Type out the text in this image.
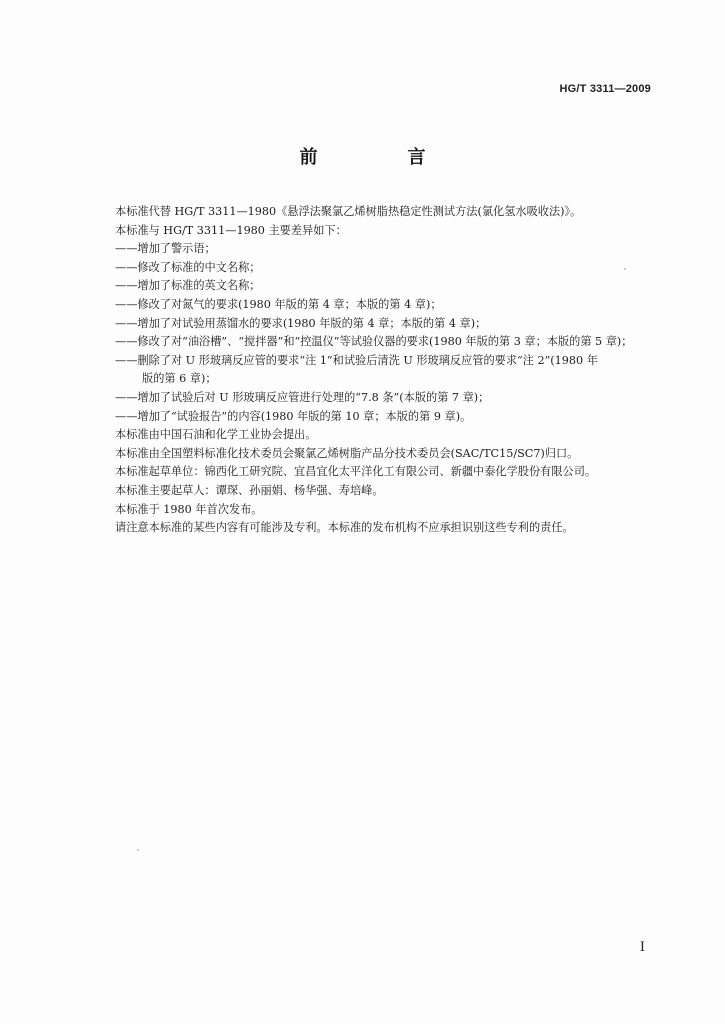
HG/T 3311—2009
前　言
本标准代替 HG/T 3311—1980《悬浮法聚氯乙烯树脂热稳定性测试方法(氯化氢水吸收法)》。
本标准与 HG/T 3311—1980 主要差异如下：
——增加了警示语；
——修改了标准的中文名称；
——增加了标准的英文名称；
——修改了对氮气的要求(1980 年版的第 4 章；本版的第 4 章)；
——增加了对试验用蒸馏水的要求(1980 年版的第 4 章；本版的第 4 章)；
——修改了对“油浴槽”、“搅拌器”和“控温仪”等试验仪器的要求(1980 年版的第 3 章；本版的第 5 章)；
——删除了对 U 形玻璃反应管的要求“注 1”和试验后清洗 U 形玻璃反应管的要求“注 2”(1980 年
版的第 6 章)；
——增加了试验后对 U 形玻璃反应管进行处理的“7.8 条”(本版的第 7 章)；
——增加了“试验报告”的内容(1980 年版的第 10 章；本版的第 9 章)。
本标准由中国石油和化学工业协会提出。
本标准由全国塑料标准化技术委员会聚氯乙烯树脂产品分技术委员会(SAC/TC15/SC7)归口。
本标准起草单位：锦西化工研究院、宜昌宜化太平洋化工有限公司、新疆中泰化学股份有限公司。
本标准主要起草人：谭琛、孙丽娟、杨华强、寿培峰。
本标准于 1980 年首次发布。
请注意本标准的某些内容有可能涉及专利。本标准的发布机构不应承担识别这些专利的责任。
I
